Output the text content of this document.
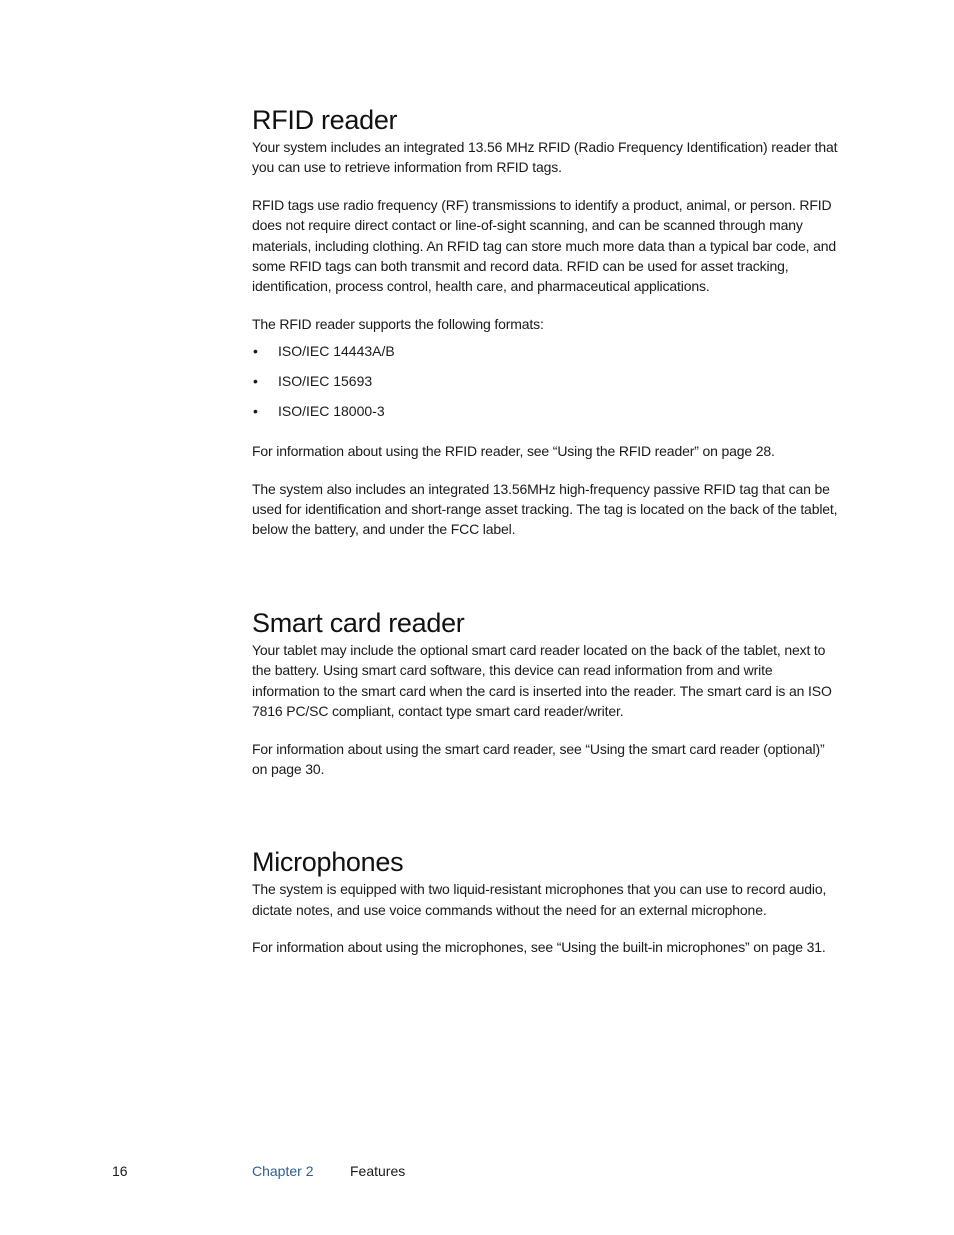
RFID reader

Your system includes an integrated 13.56 MHz RFID (Radio Frequency Identification) reader that you can use to retrieve information from RFID tags.

RFID tags use radio frequency (RF) transmissions to identify a product, animal, or person. RFID does not require direct contact or line-of-sight scanning, and can be scanned through many materials, including clothing. An RFID tag can store much more data than a typical bar code, and some RFID tags can both transmit and record data. RFID can be used for asset tracking, identification, process control, health care, and pharmaceutical applications.

The RFID reader supports the following formats:

• ISO/IEC 14443A/B
• ISO/IEC 15693
• ISO/IEC 18000-3

For information about using the RFID reader, see “Using the RFID reader” on page 28.

The system also includes an integrated 13.56MHz high-frequency passive RFID tag that can be used for identification and short-range asset tracking. The tag is located on the back of the tablet, below the battery, and under the FCC label.

Smart card reader

Your tablet may include the optional smart card reader located on the back of the tablet, next to the battery. Using smart card software, this device can read information from and write information to the smart card when the card is inserted into the reader. The smart card is an ISO 7816 PC/SC compliant, contact type smart card reader/writer.

For information about using the smart card reader, see “Using the smart card reader (optional)” on page 30.

Microphones

The system is equipped with two liquid-resistant microphones that you can use to record audio, dictate notes, and use voice commands without the need for an external microphone.

For information about using the microphones, see “Using the built-in microphones” on page 31.

16	Chapter 2	Features
